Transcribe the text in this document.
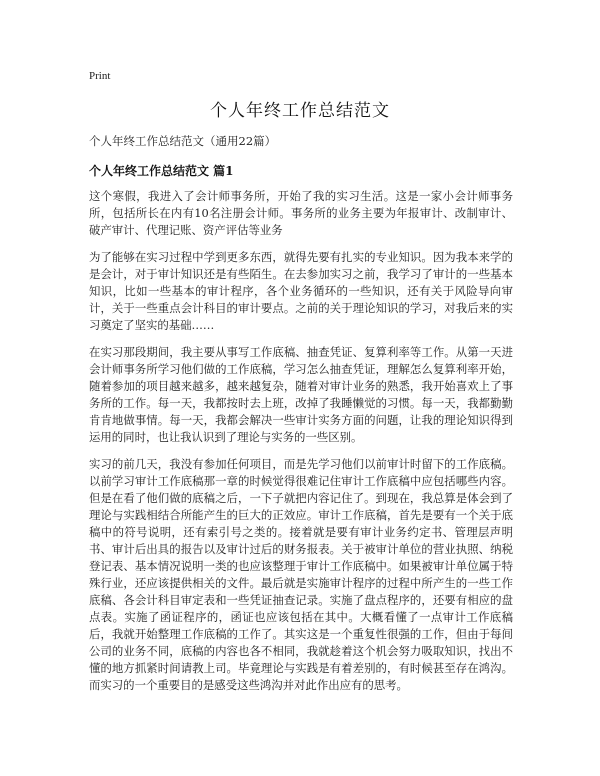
Print
个人年终工作总结范文
个人年终工作总结范文（通用22篇）
个人年终工作总结范文 篇1

这个寒假，我进入了会计师事务所，开始了我的实习生活。这是一家小会计师事务所，包括所长在内有10名注册会计师。事务所的业务主要为年报审计、改制审计、破产审计、代理记账、资产评估等业务

为了能够在实习过程中学到更多东西，就得先要有扎实的专业知识。因为我本来学的是会计，对于审计知识还是有些陌生。在去参加实习之前，我学习了审计的一些基本知识，比如一些基本的审计程序，各个业务循环的一些知识，还有关于风险导向审计，关于一些重点会计科目的审计要点。之前的关于理论知识的学习，对我后来的实习奠定了坚实的基础……

在实习那段期间，我主要从事写工作底稿、抽查凭证、复算利率等工作。从第一天进会计师事务所学习他们做的工作底稿，学习怎么抽查凭证，理解怎么复算利率开始，随着参加的项目越来越多，越来越复杂，随着对审计业务的熟悉，我开始喜欢上了事务所的工作。每一天，我都按时去上班，改掉了我睡懒觉的习惯。每一天，我都勤勤肯肯地做事情。每一天，我都会解决一些审计实务方面的问题，让我的理论知识得到运用的同时，也让我认识到了理论与实务的一些区别。

实习的前几天，我没有参加任何项目，而是先学习他们以前审计时留下的工作底稿。以前学习审计工作底稿那一章的时候觉得很难记住审计工作底稿中应包括哪些内容。但是在看了他们做的底稿之后，一下子就把内容记住了。到现在，我总算是体会到了理论与实践相结合所能产生的巨大的正效应。审计工作底稿，首先是要有一个关于底稿中的符号说明，还有索引号之类的。接着就是要有审计业务约定书、管理层声明书、审计后出具的报告以及审计过后的财务报表。关于被审计单位的营业执照、纳税登记表、基本情况说明一类的也应该整理于审计工作底稿中。如果被审计单位属于特殊行业，还应该提供相关的文件。最后就是实施审计程序的过程中所产生的一些工作底稿、各会计科目审定表和一些凭证抽查记录。实施了盘点程序的，还要有相应的盘点表。实施了函证程序的，函证也应该包括在其中。大概看懂了一点审计工作底稿后，我就开始整理工作底稿的工作了。其实这是一个重复性很强的工作，但由于每间公司的业务不同，底稿的内容也各不相同，我就趁着这个机会努力吸取知识，找出不懂的地方抓紧时间请教上司。毕竟理论与实践是有着差别的，有时候甚至存在鸿沟。而实习的一个重要目的是感受这些鸿沟并对此作出应有的思考。
